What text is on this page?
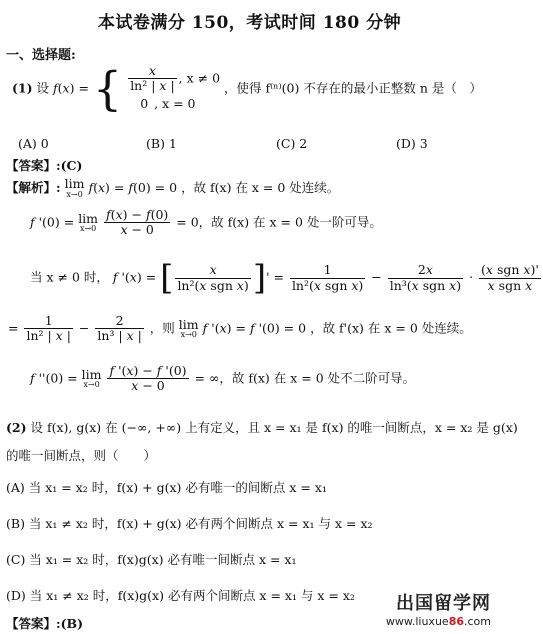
本试卷满分 150，考试时间 180 分钟
一、选择题:
(1) 设 f(x) = { $\frac{x}{\text{ln² | x |}}$ , x ≠ 0
0 , x = 0
，使得 f⁽ⁿ⁾(0) 不存在的最小正整数 n 是（　）
(A) 0	(B) 1	(C) 2	(D) 3
【答案】:(C)
【解析】: lim
x→0 f(x) = f(0) = 0 ，故 f(x) 在 x = 0 处连续。
f '(0) = lim
x→0
$\frac{f(x) - f(0)}{x - 0} = 0$，故 f(x) 在 x = 0 处一阶可导。
当 x ≠ 0 时， f '(x) = [ $\frac{x}{\text{ln²(x sgn x)}}$ ]' = $\frac{1}{\text{ln²(x sgn x)}} - \frac{2x}{\text{ln³(x sgn x)}} \cdot \frac{\text{(x sgn x)'}}{\text{x sgn x}}$
= $\frac{1}{\text{ln² | x |}} - \frac{2}{\text{ln³ | x |}}$ ，则 lim
x→0 f '(x) = f '(0) = 0 ，故 f'(x) 在 x = 0 处连续。
f ''(0) = lim
x→0
$\frac{f '(x) - f '(0)}{x - 0}$ = ∞，故 f(x) 在 x = 0 处不二阶可导。
(2) 设 f(x), g(x) 在 (−∞, +∞) 上有定义，且 x = x₁ 是 f(x) 的唯一间断点，x = x₂ 是 g(x)
的唯一间断点，则（　　）
(A) 当 x₁ = x₂ 时，f(x) + g(x) 必有唯一的间断点 x = x₁
(B) 当 x₁ ≠ x₂ 时，f(x) + g(x) 必有两个间断点 x = x₁ 与 x = x₂
(C) 当 x₁ = x₂ 时，f(x)g(x) 必有唯一间断点 x = x₁
(D) 当 x₁ ≠ x₂ 时，f(x)g(x) 必有两个间断点 x = x₁ 与 x = x₂
【答案】:(B)
出国留学网
www.liuxue86.com
